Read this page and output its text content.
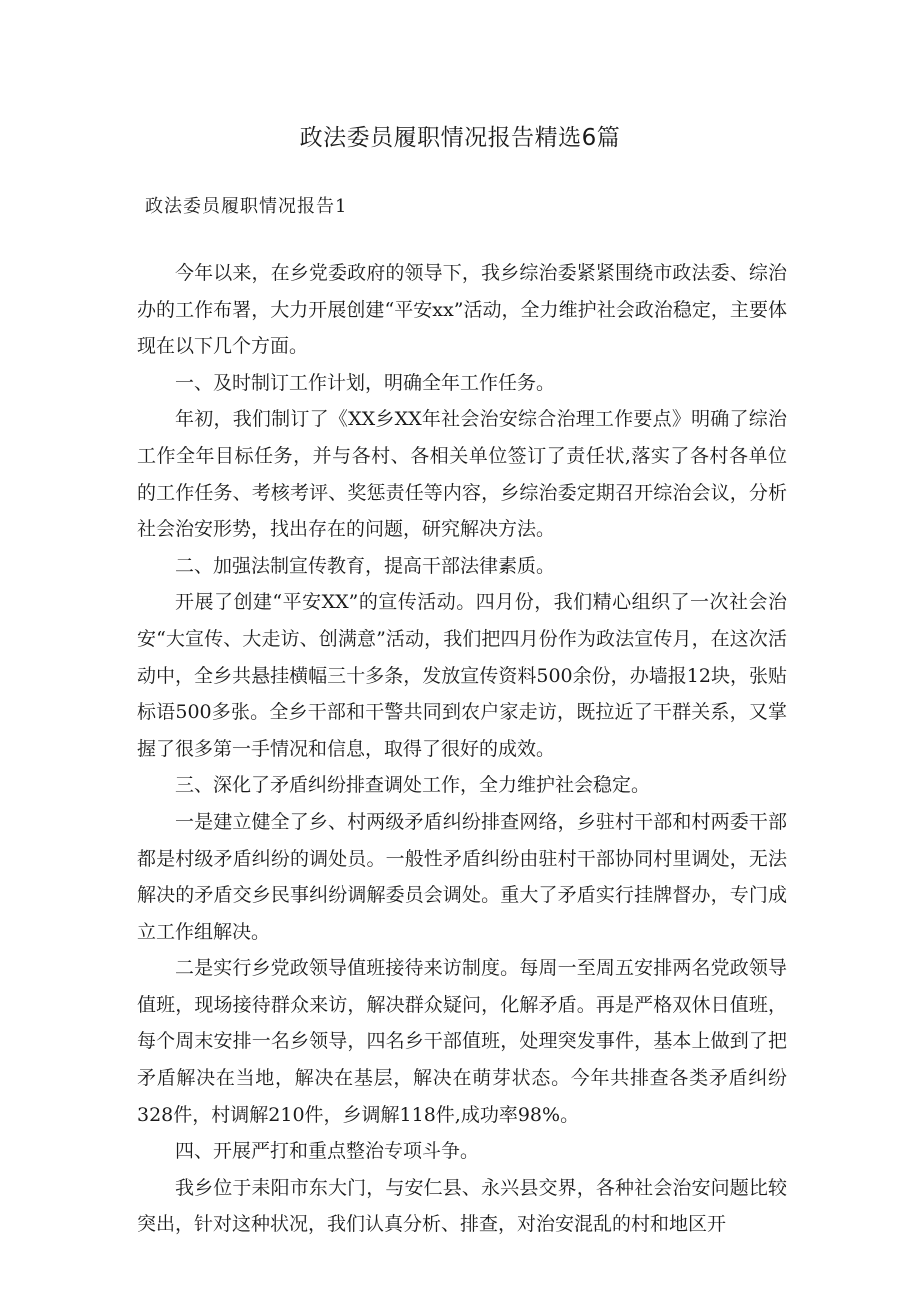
政法委员履职情况报告精选6篇
政法委员履职情况报告1

今年以来，在乡党委政府的领导下，我乡综治委紧紧围绕市政法委、综治办的工作布署，大力开展创建“平安xx”活动，全力维护社会政治稳定，主要体现在以下几个方面。

一、及时制订工作计划，明确全年工作任务。

年初，我们制订了《XX乡XX年社会治安综合治理工作要点》明确了综治工作全年目标任务，并与各村、各相关单位签订了责任状,落实了各村各单位的工作任务、考核考评、奖惩责任等内容，乡综治委定期召开综治会议，分析社会治安形势，找出存在的问题，研究解决方法。

二、加强法制宣传教育，提高干部法律素质。

开展了创建“平安XX”的宣传活动。四月份，我们精心组织了一次社会治安“大宣传、大走访、创满意”活动，我们把四月份作为政法宣传月，在这次活动中，全乡共悬挂横幅三十多条，发放宣传资料500余份，办墙报12块，张贴标语500多张。全乡干部和干警共同到农户家走访，既拉近了干群关系，又掌握了很多第一手情况和信息，取得了很好的成效。

三、深化了矛盾纠纷排查调处工作，全力维护社会稳定。

一是建立健全了乡、村两级矛盾纠纷排查网络，乡驻村干部和村两委干部都是村级矛盾纠纷的调处员。一般性矛盾纠纷由驻村干部协同村里调处，无法解决的矛盾交乡民事纠纷调解委员会调处。重大了矛盾实行挂牌督办，专门成立工作组解决。

二是实行乡党政领导值班接待来访制度。每周一至周五安排两名党政领导值班，现场接待群众来访，解决群众疑问，化解矛盾。再是严格双休日值班，每个周末安排一名乡领导，四名乡干部值班，处理突发事件，基本上做到了把矛盾解决在当地，解决在基层，解决在萌芽状态。今年共排查各类矛盾纠纷328件，村调解210件，乡调解118件,成功率98%。

四、开展严打和重点整治专项斗争。

我乡位于耒阳市东大门，与安仁县、永兴县交界，各种社会治安问题比较突出，针对这种状况，我们认真分析、排查，对治安混乱的村和地区开
